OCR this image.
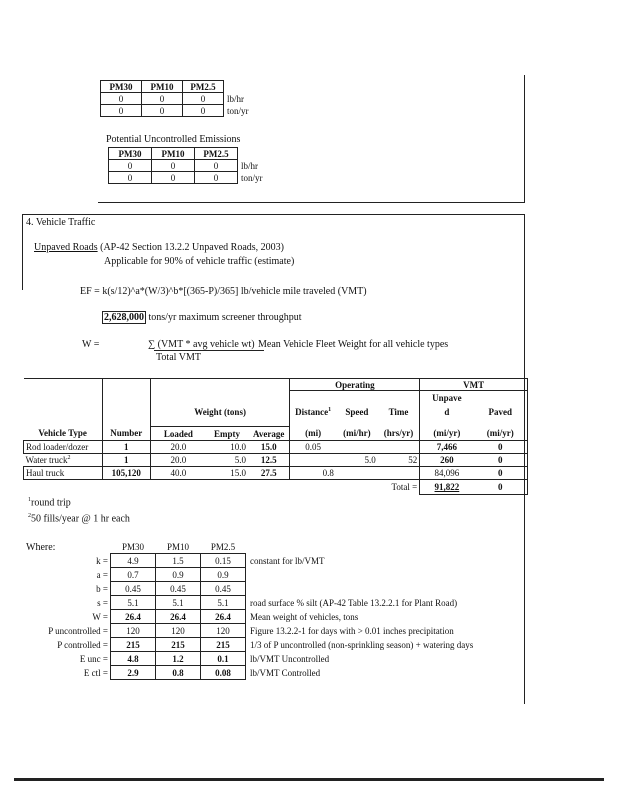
PM30	PM10	PM2.5	
0	0	0	lb/hr
0	0	0	ton/yr
Potential Uncontrolled Emissions
PM30	PM10	PM2.5	
0	0	0	lb/hr
0	0	0	ton/yr
4. Vehicle Traffic
Unpaved Roads (AP-42 Section 13.2.2 Unpaved Roads, 2003)
Applicable for 90% of vehicle traffic (estimate)
EF = k(s/12)^a*(W/3)^b*[(365-P)/365] lb/vehicle mile traveled (VMT)
2,628,000 tons/yr maximum screener throughput
W =	∑ (VMT * avg vehicle wt)
Total VMT
Mean Vehicle Fleet Weight for all vehicle types
					Operating			VMT	
								Unpave	
		Weight (tons)			Distance$^1$	Speed	Time	d	Paved

Vehicle Type	Number	Loaded	Empty	Average	(mi)	(mi/hr)	(hrs/yr)	(mi/yr)	(mi/yr)
Rod loader/dozer	1	20.0	10.0	15.0	0.05			7,466	0
Water truck$^2$	1	20.0	5.0	12.5		5.0	52	260	0
Haul truck	105,120	40.0	15.0	27.5	0.8			84,096	0
							Total =	91,822	0
$^1$round trip
$^2$50 fills/year @ 1 hr each
Where:
		PM30	PM10	PM2.5	
k =	4.9	1.5	0.15	constant for lb/VMT
a =	0.7	0.9	0.9	
b =	0.45	0.45	0.45	
s =	5.1	5.1	5.1	road surface % silt (AP-42 Table 13.2.2.1 for Plant Road)
W =	26.4	26.4	26.4	Mean weight of vehicles, tons
P uncontrolled =	120	120	120	Figure 13.2.2-1 for days with > 0.01 inches precipitation
P controlled =	215	215	215	1/3 of P uncontrolled (non-sprinkling season) + watering days
E unc =	4.8	1.2	0.1	lb/VMT Uncontrolled
E ctl =	2.9	0.8	0.08	lb/VMT Controlled
